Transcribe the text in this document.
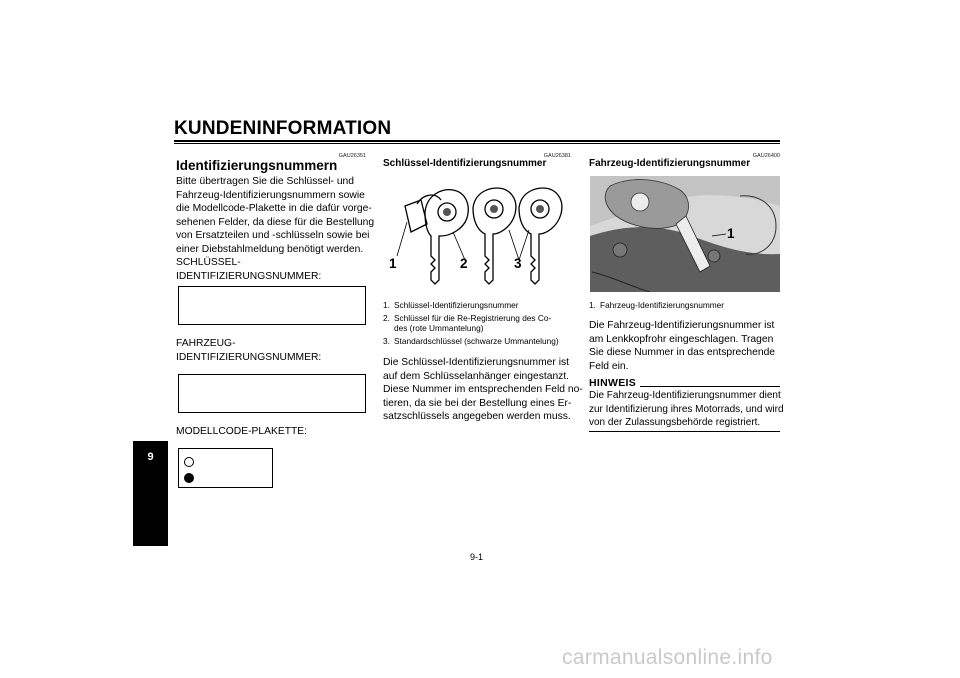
KUNDENINFORMATION
9
GAU26351
Identifizierungsnummern
Bitte übertragen Sie die Schlüssel- und
Fahrzeug-Identifizierungsnummern sowie
die Modellcode-Plakette in die dafür vorge-
sehenen Felder, da diese für die Bestellung
von Ersatzteilen und -schlüsseln sowie bei
einer Diebstahlmeldung benötigt werden.
SCHLÜSSEL-
IDENTIFIZIERUNGSNUMMER:
FAHRZEUG-
IDENTIFIZIERUNGSNUMMER:
MODELLCODE-PLAKETTE:
GAU26381
Schlüssel-Identifizierungsnummer
1	2	3
1. Schlüssel-Identifizierungsnummer
2. Schlüssel für die Re-Registrierung des Co-
des (rote Ummantelung)
3. Standardschlüssel (schwarze Ummantelung)
Die Schlüssel-Identifizierungsnummer ist
auf dem Schlüsselanhänger eingestanzt.
Diese Nummer im entsprechenden Feld no-
tieren, da sie bei der Bestellung eines Er-
satzschlüssels angegeben werden muss.
GAU26400
Fahrzeug-Identifizierungsnummer
1
1. Fahrzeug-Identifizierungsnummer
Die Fahrzeug-Identifizierungsnummer ist
am Lenkkopfrohr eingeschlagen. Tragen
Sie diese Nummer in das entsprechende
Feld ein.
HINWEIS
Die Fahrzeug-Identifizierungsnummer dient
zur Identifizierung ihres Motorrads, und wird
von der Zulassungsbehörde registriert.
9-1
carmanualsonline.info
